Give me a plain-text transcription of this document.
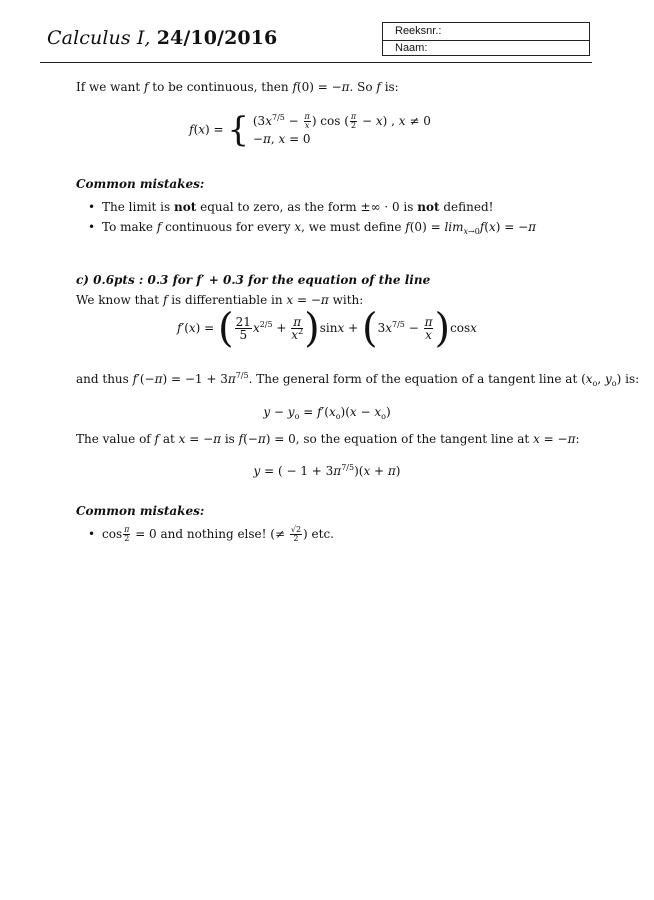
Calculus I, 24/10/2016	Reeksnr.:
Naam:
If we want f to be continuous, then f(0) = −π. So f is:
f(x) = { ($3x^{7/5} - \frac{\pi}{x}$ ) cos ( $\frac{\pi}{2} - x$) , x ≠ 0
−π, x = 0
Common mistakes:
• The limit is not equal to zero, as the form ±∞ · 0 is not defined!
• To make f continuous for every x, we must define $f(0) = \lim_{x\to 0}f(x) = -\pi$
c) 0.6pts : 0.3 for f′ + 0.3 for the equation of the line
We know that f is differentiable in x = −π with:
f′(x) = ( $\frac{21}{5} x^{2/5} + \frac{\pi}{x^2} )\sin x + (3x^{7/5} - \frac{\pi}{x} )\cos x$
and thus $f'(-\pi) = -1 + 3\pi^{7/5}$. The general form of the equation of a tangent line at ($x_o$, $y_o$) is:
$y - y_o = f'(x_o)(x - x_o)$
The value of f at x = −π is f(−π) = 0, so the equation of the tangent line at x = −π:
y = ( − $1 + 3\pi^{7/5})(x + \pi)$
Common mistakes:
• $\cos \frac{\pi}{2} = 0$ and nothing else! (≠ $\frac{√2}{2}$ ) etc.
